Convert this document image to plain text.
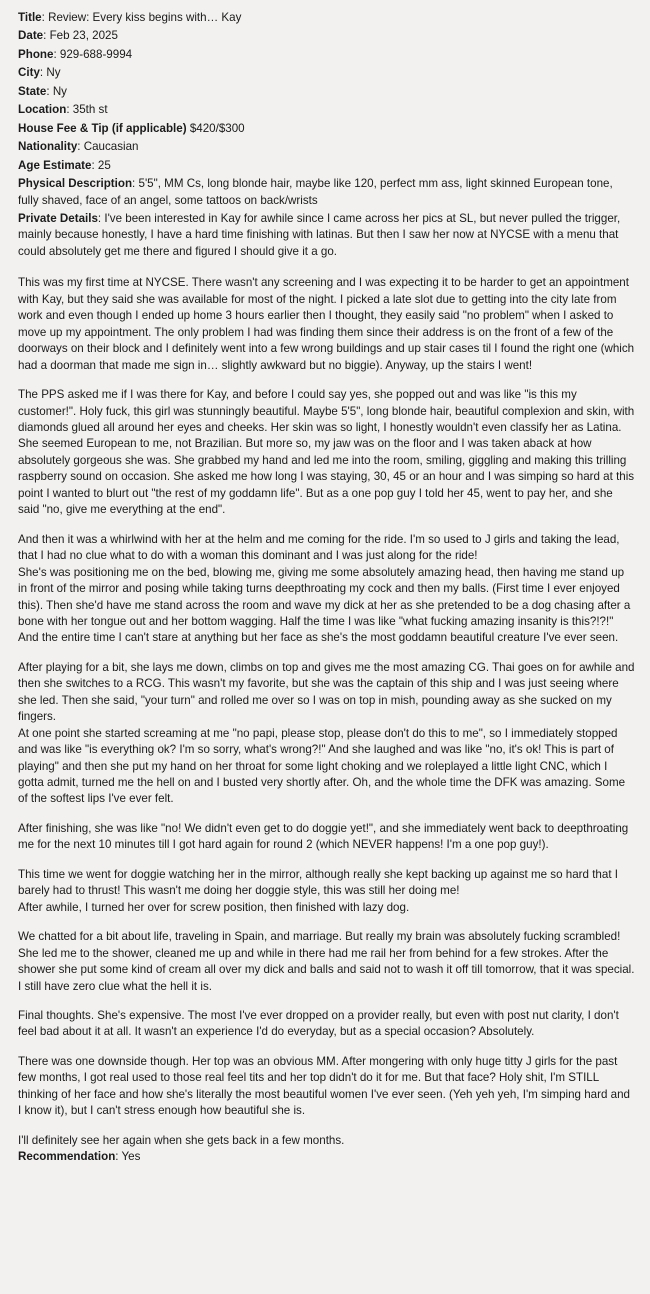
Title: Review: Every kiss begins with… Kay
Date: Feb 23, 2025
Phone: 929-688-9994
City: Ny
State: Ny
Location: 35th st
House Fee & Tip (if applicable) $420/$300
Nationality: Caucasian
Age Estimate: 25
Physical Description: 5'5", MM Cs, long blonde hair, maybe like 120, perfect mm ass, light skinned European tone, fully shaved, face of an angel, some tattoos on back/wrists
Private Details: I've been interested in Kay for awhile since I came across her pics at SL, but never pulled the trigger, mainly because honestly, I have a hard time finishing with latinas. But then I saw her now at NYCSE with a menu that could absolutely get me there and figured I should give it a go.

This was my first time at NYCSE. There wasn't any screening and I was expecting it to be harder to get an appointment with Kay, but they said she was available for most of the night. I picked a late slot due to getting into the city late from work and even though I ended up home 3 hours earlier then I thought, they easily said "no problem" when I asked to move up my appointment. The only problem I had was finding them since their address is on the front of a few of the doorways on their block and I definitely went into a few wrong buildings and up stair cases til I found the right one (which had a doorman that made me sign in… slightly awkward but no biggie). Anyway, up the stairs I went!

The PPS asked me if I was there for Kay, and before I could say yes, she popped out and was like "is this my customer!". Holy fuck, this girl was stunningly beautiful. Maybe 5'5", long blonde hair, beautiful complexion and skin, with diamonds glued all around her eyes and cheeks. Her skin was so light, I honestly wouldn't even classify her as Latina. She seemed European to me, not Brazilian. But more so, my jaw was on the floor and I was taken aback at how absolutely gorgeous she was. She grabbed my hand and led me into the room, smiling, giggling and making this trilling raspberry sound on occasion. She asked me how long I was staying, 30, 45 or an hour and I was simping so hard at this point I wanted to blurt out "the rest of my goddamn life". But as a one pop guy I told her 45, went to pay her, and she said "no, give me everything at the end".

And then it was a whirlwind with her at the helm and me coming for the ride. I'm so used to J girls and taking the lead, that I had no clue what to do with a woman this dominant and I was just along for the ride!

She's was positioning me on the bed, blowing me, giving me some absolutely amazing head, then having me stand up in front of the mirror and posing while taking turns deepthroating my cock and then my balls. (First time I ever enjoyed this). Then she'd have me stand across the room and wave my dick at her as she pretended to be a dog chasing after a bone with her tongue out and her bottom wagging. Half the time I was like "what fucking amazing insanity is this?!?!" And the entire time I can't stare at anything but her face as she's the most goddamn beautiful creature I've ever seen.

After playing for a bit, she lays me down, climbs on top and gives me the most amazing CG. Thai goes on for awhile and then she switches to a RCG. This wasn't my favorite, but she was the captain of this ship and I was just seeing where she led. Then she said, "your turn" and rolled me over so I was on top in mish, pounding away as she sucked on my fingers.

At one point she started screaming at me "no papi, please stop, please don't do this to me", so I immediately stopped and was like "is everything ok? I'm so sorry, what's wrong?!" And she laughed and was like "no, it's ok! This is part of playing" and then she put my hand on her throat for some light choking and we roleplayed a little light CNC, which I gotta admit, turned me the hell on and I busted very shortly after. Oh, and the whole time the DFK was amazing. Some of the softest lips I've ever felt.

After finishing, she was like "no! We didn't even get to do doggie yet!", and she immediately went back to deepthroating me for the next 10 minutes till I got hard again for round 2 (which NEVER happens! I'm a one pop guy!).

This time we went for doggie watching her in the mirror, although really she kept backing up against me so hard that I barely had to thrust! This wasn't me doing her doggie style, this was still her doing me!

After awhile, I turned her over for screw position, then finished with lazy dog.

We chatted for a bit about life, traveling in Spain, and marriage. But really my brain was absolutely fucking scrambled!

She led me to the shower, cleaned me up and while in there had me rail her from behind for a few strokes. After the shower she put some kind of cream all over my dick and balls and said not to wash it off till tomorrow, that it was special. I still have zero clue what the hell it is.

Final thoughts. She's expensive. The most I've ever dropped on a provider really, but even with post nut clarity, I don't feel bad about it at all. It wasn't an experience I'd do everyday, but as a special occasion? Absolutely.

There was one downside though. Her top was an obvious MM. After mongering with only huge titty J girls for the past few months, I got real used to those real feel tits and her top didn't do it for me. But that face? Holy shit, I'm STILL thinking of her face and how she's literally the most beautiful women I've ever seen. (Yeh yeh yeh, I'm simping hard and I know it), but I can't stress enough how beautiful she is.

I'll definitely see her again when she gets back in a few months.

Recommendation: Yes
